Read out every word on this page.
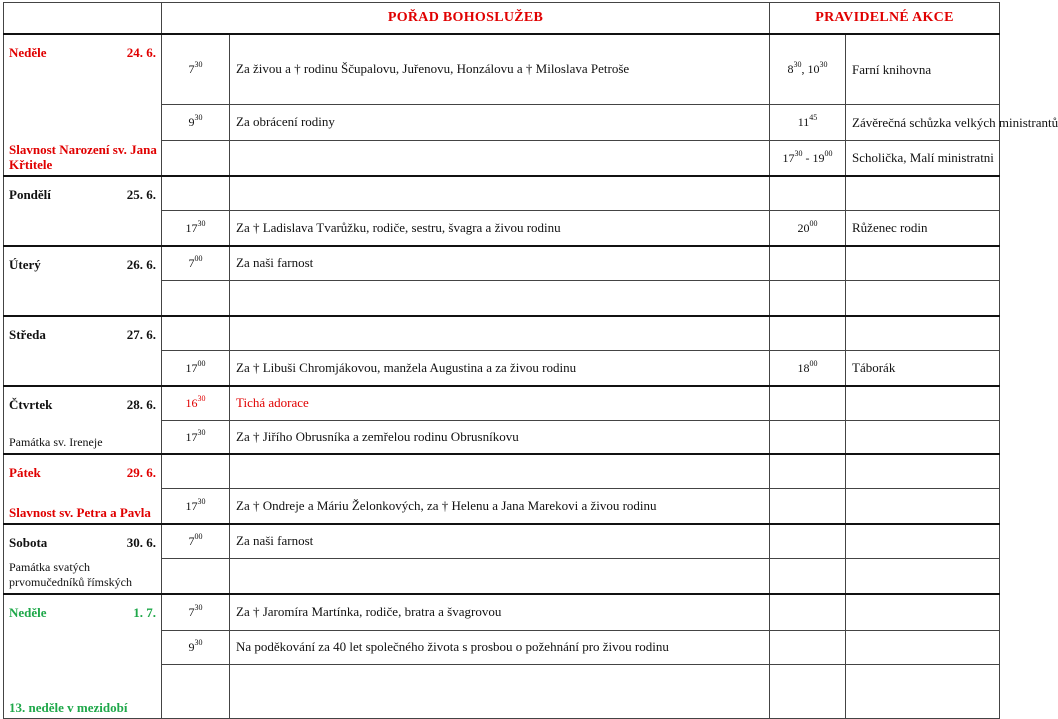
	POŘAD BOHOSLUŽEB		PRAVIDELNÉ AKCE	

Neděle 24. 6.
Slavnost Narození sv. Jana Křtitele	$7^{30}$	Za živou a † rodinu Ščupalovu, Juřenovu, Honzálovu a † Miloslava Petroše	$8^{30}$, $10^{30}$	Farní knihovna
	$9^{30}$	Za obrácení rodiny	$11^{45}$	Závěrečná schůzka velkých ministrantů
			$17^{30} - 19^{00}$	Scholička, Malí ministratni

Pondělí 25. 6.				

	$17^{30}$	Za † Ladislava Tvarůžku, rodiče, sestru, švagra a živou rodinu	$20^{00}$	Růženec rodin

Úterý 26. 6.	$7^{00}$	Za naši farnost		

Středa 27. 6.				

	$17^{00}$	Za † Libuši Chromjákovou, manžela Augustina a za živou rodinu	$18^{00}$	Táborák

Čtvrtek 28. 6.
Památka sv. Ireneje	$16^{30}$	Tichá adorace		
	$17^{30}$	Za † Jiřího Obrusníka a zemřelou rodinu Obrusníkovu		

Pátek 29. 6.
Slavnost sv. Petra a Pavla				

	$17^{30}$	Za † Ondreje a Máriu Želonkových, za † Helenu a Jana Marekovi a živou rodinu		

Sobota 30. 6.
Památka svatých prvomučedníků římských	$7^{00}$	Za naši farnost		

Neděle 1. 7.
13. neděle v mezidobí	$7^{30}$	Za † Jaromíra Martínka, rodiče, bratra a švagrovou		
	$9^{30}$	Na poděkování za 40 let společného života s prosbou o požehnání pro živou rodinu		
